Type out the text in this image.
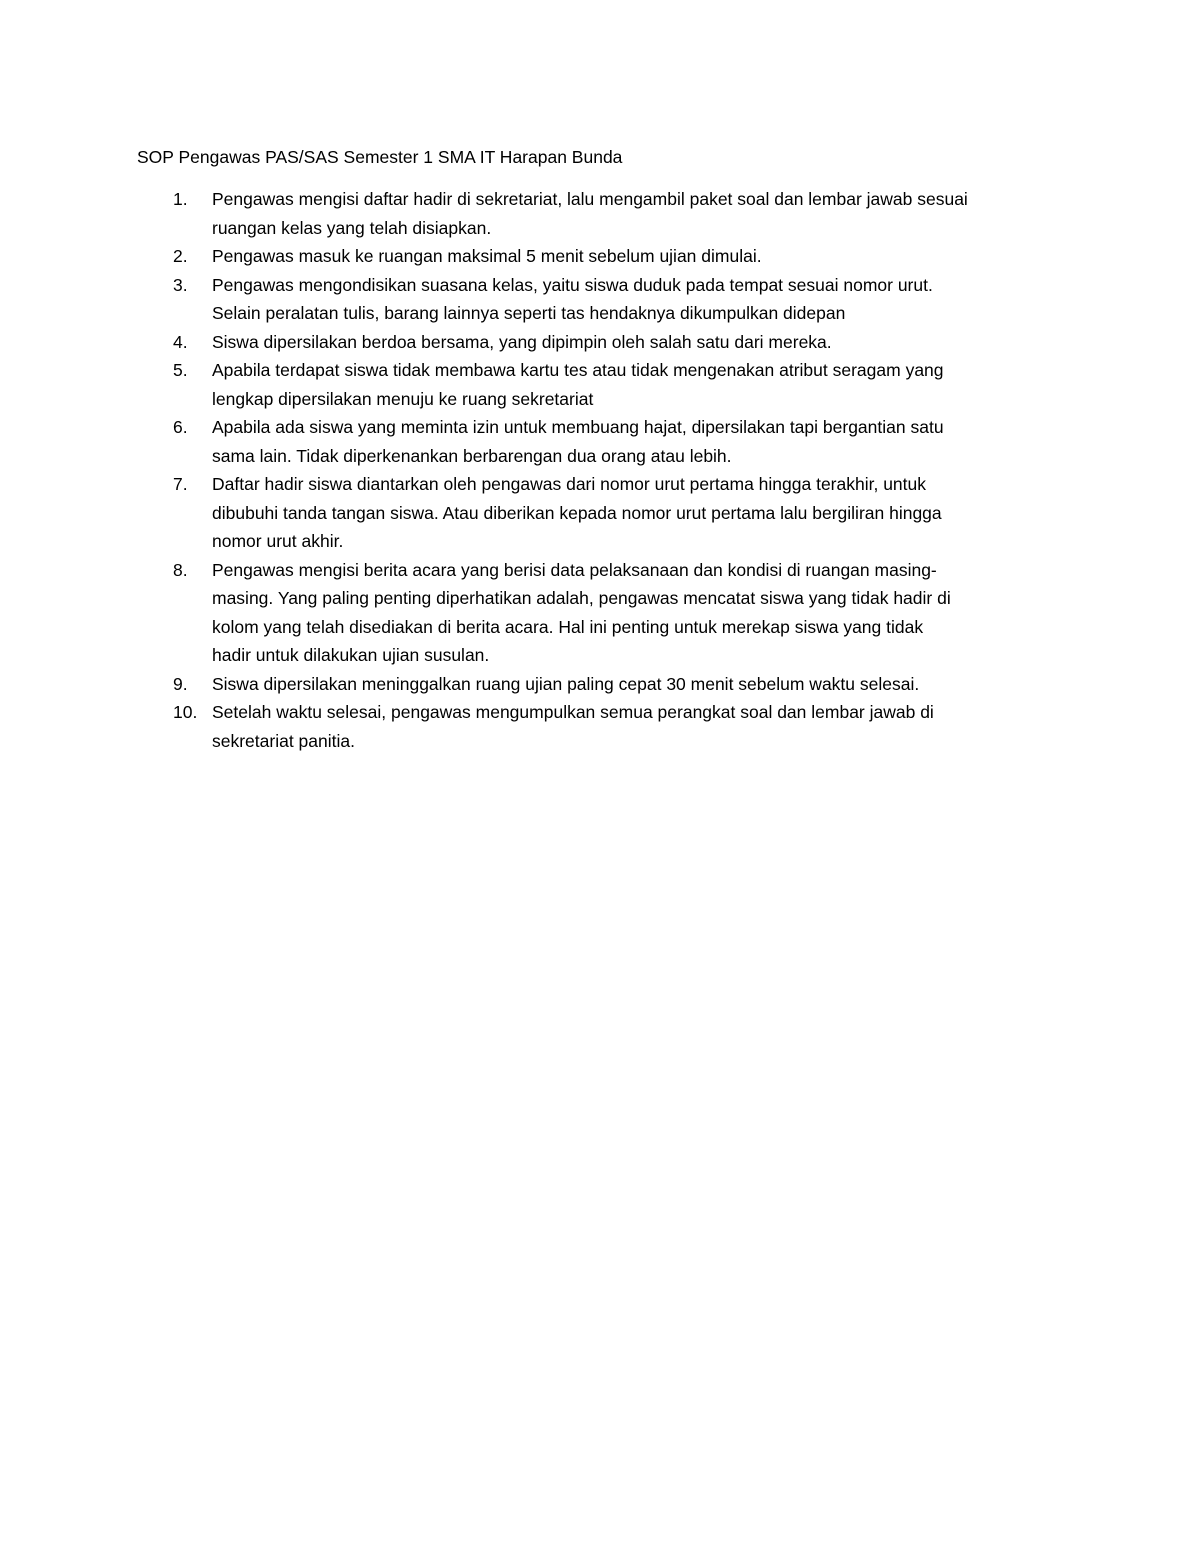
SOP Pengawas PAS/SAS Semester 1 SMA IT Harapan Bunda
1.	Pengawas mengisi daftar hadir di sekretariat, lalu mengambil paket soal dan lembar jawab sesuai
ruangan kelas yang telah disiapkan.
2.	Pengawas masuk ke ruangan maksimal 5 menit sebelum ujian dimulai.
3.	Pengawas mengondisikan suasana kelas, yaitu siswa duduk pada tempat sesuai nomor urut.
Selain peralatan tulis, barang lainnya seperti tas hendaknya dikumpulkan didepan
4.	Siswa dipersilakan berdoa bersama, yang dipimpin oleh salah satu dari mereka.
5.	Apabila terdapat siswa tidak membawa kartu tes atau tidak mengenakan atribut seragam yang
lengkap dipersilakan menuju ke ruang sekretariat
6.	Apabila ada siswa yang meminta izin untuk membuang hajat, dipersilakan tapi bergantian satu
sama lain. Tidak diperkenankan berbarengan dua orang atau lebih.
7.	Daftar hadir siswa diantarkan oleh pengawas dari nomor urut pertama hingga terakhir, untuk
dibubuhi tanda tangan siswa. Atau diberikan kepada nomor urut pertama lalu bergiliran hingga
nomor urut akhir.
8.	Pengawas mengisi berita acara yang berisi data pelaksanaan dan kondisi di ruangan masing-
masing. Yang paling penting diperhatikan adalah, pengawas mencatat siswa yang tidak hadir di
kolom yang telah disediakan di berita acara. Hal ini penting untuk merekap siswa yang tidak
hadir untuk dilakukan ujian susulan.
9.	Siswa dipersilakan meninggalkan ruang ujian paling cepat 30 menit sebelum waktu selesai.
10. Setelah waktu selesai, pengawas mengumpulkan semua perangkat soal dan lembar jawab di
sekretariat panitia.
